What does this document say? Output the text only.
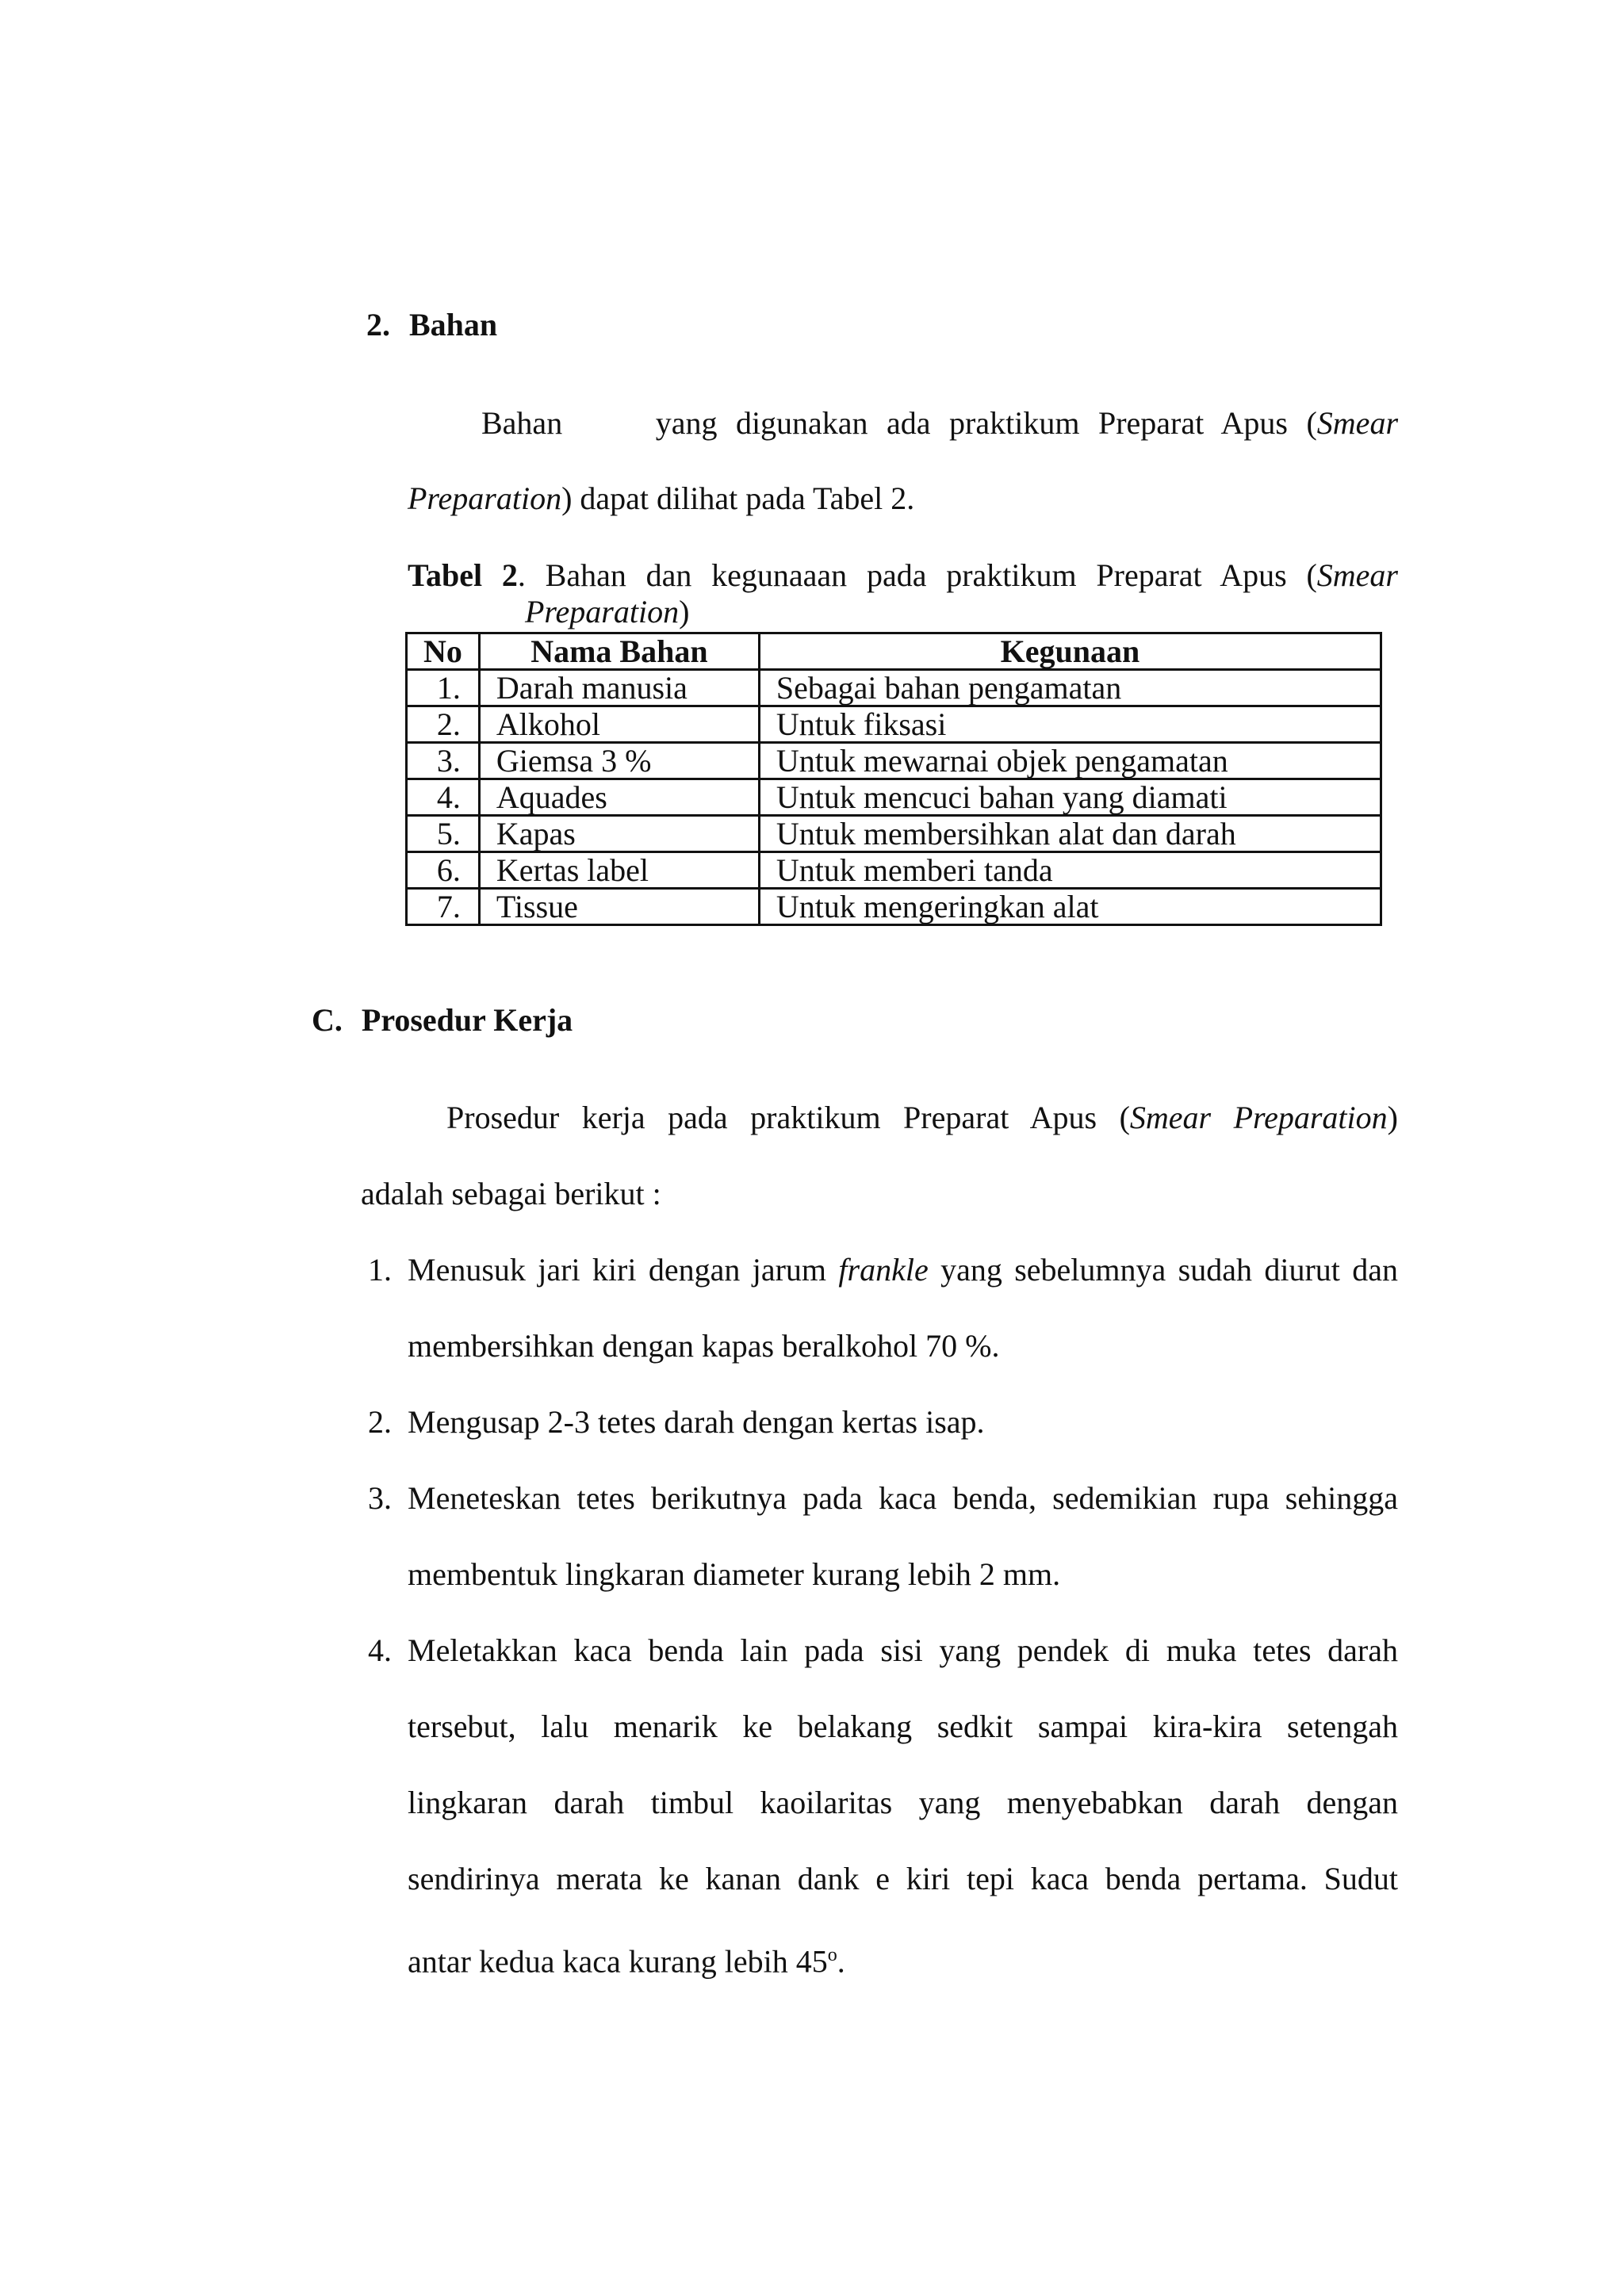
2. Bahan
Bahan	yang digunakan ada praktikum Preparat Apus (Smear
Preparation) dapat dilihat pada Tabel 2.
Tabel 2. Bahan dan kegunaaan pada praktikum Preparat Apus (Smear
Preparation)
No	Nama Bahan	Kegunaan
1.	Darah manusia	Sebagai bahan pengamatan
2.	Alkohol	Untuk fiksasi
3.	Giemsa 3 %	Untuk mewarnai objek pengamatan
4.	Aquades	Untuk mencuci bahan yang diamati
5.	Kapas	Untuk membersihkan alat dan darah
6.	Kertas label	Untuk memberi tanda
7.	Tissue	Untuk mengeringkan alat
C. Prosedur Kerja
Prosedur kerja pada praktikum Preparat Apus (Smear Preparation)
adalah sebagai berikut :
1. Menusuk jari kiri dengan jarum frankle yang sebelumnya sudah diurut dan
membersihkan dengan kapas beralkohol 70 %.
2. Mengusap 2-3 tetes darah dengan kertas isap.
3. Meneteskan tetes berikutnya pada kaca benda, sedemikian rupa sehingga
membentuk lingkaran diameter kurang lebih 2 mm.
4. Meletakkan kaca benda lain pada sisi yang pendek di muka tetes darah
tersebut, lalu menarik ke belakang sedkit sampai kira-kira setengah
lingkaran darah timbul kaoilaritas yang menyebabkan darah dengan
sendirinya merata ke kanan dank e kiri tepi kaca benda pertama. Sudut
antar kedua kaca kurang lebih 45$^o$.
